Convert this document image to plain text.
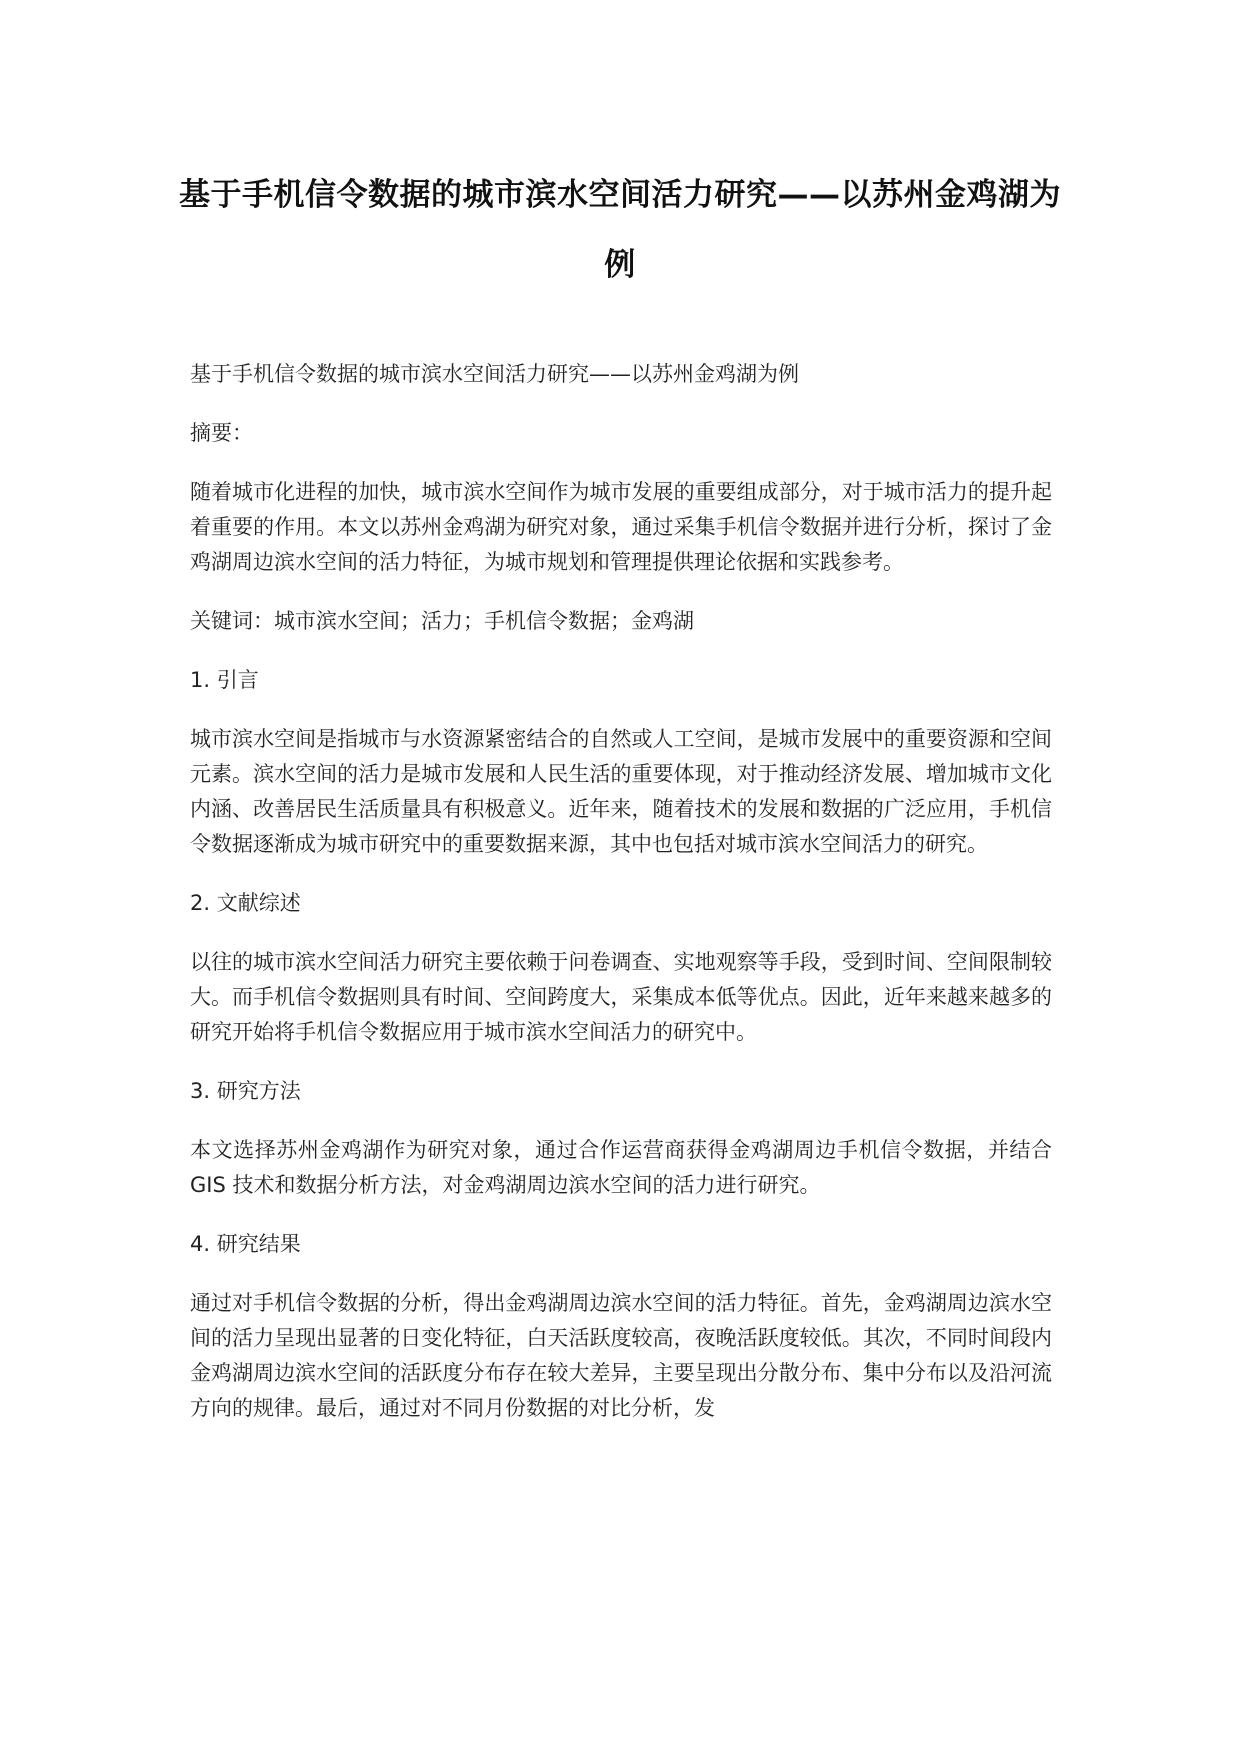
基于手机信令数据的城市滨水空间活力研究——以苏州金鸡湖为例

基于手机信令数据的城市滨水空间活力研究——以苏州金鸡湖为例

摘要：

随着城市化进程的加快，城市滨水空间作为城市发展的重要组成部分，对于城市活力的提升起着重要的作用。本文以苏州金鸡湖为研究对象，通过采集手机信令数据并进行分析，探讨了金鸡湖周边滨水空间的活力特征，为城市规划和管理提供理论依据和实践参考。

关键词：城市滨水空间；活力；手机信令数据；金鸡湖

1. 引言

城市滨水空间是指城市与水资源紧密结合的自然或人工空间，是城市发展中的重要资源和空间元素。滨水空间的活力是城市发展和人民生活的重要体现，对于推动经济发展、增加城市文化内涵、改善居民生活质量具有积极意义。近年来，随着技术的发展和数据的广泛应用，手机信令数据逐渐成为城市研究中的重要数据来源，其中也包括对城市滨水空间活力的研究。

2. 文献综述

以往的城市滨水空间活力研究主要依赖于问卷调查、实地观察等手段，受到时间、空间限制较大。而手机信令数据则具有时间、空间跨度大，采集成本低等优点。因此，近年来越来越多的研究开始将手机信令数据应用于城市滨水空间活力的研究中。

3. 研究方法

本文选择苏州金鸡湖作为研究对象，通过合作运营商获得金鸡湖周边手机信令数据，并结合 GIS 技术和数据分析方法，对金鸡湖周边滨水空间的活力进行研究。

4. 研究结果

通过对手机信令数据的分析，得出金鸡湖周边滨水空间的活力特征。首先，金鸡湖周边滨水空间的活力呈现出显著的日变化特征，白天活跃度较高，夜晚活跃度较低。其次，不同时间段内金鸡湖周边滨水空间的活跃度分布存在较大差异，主要呈现出分散分布、集中分布以及沿河流方向的规律。最后，通过对不同月份数据的对比分析，发
